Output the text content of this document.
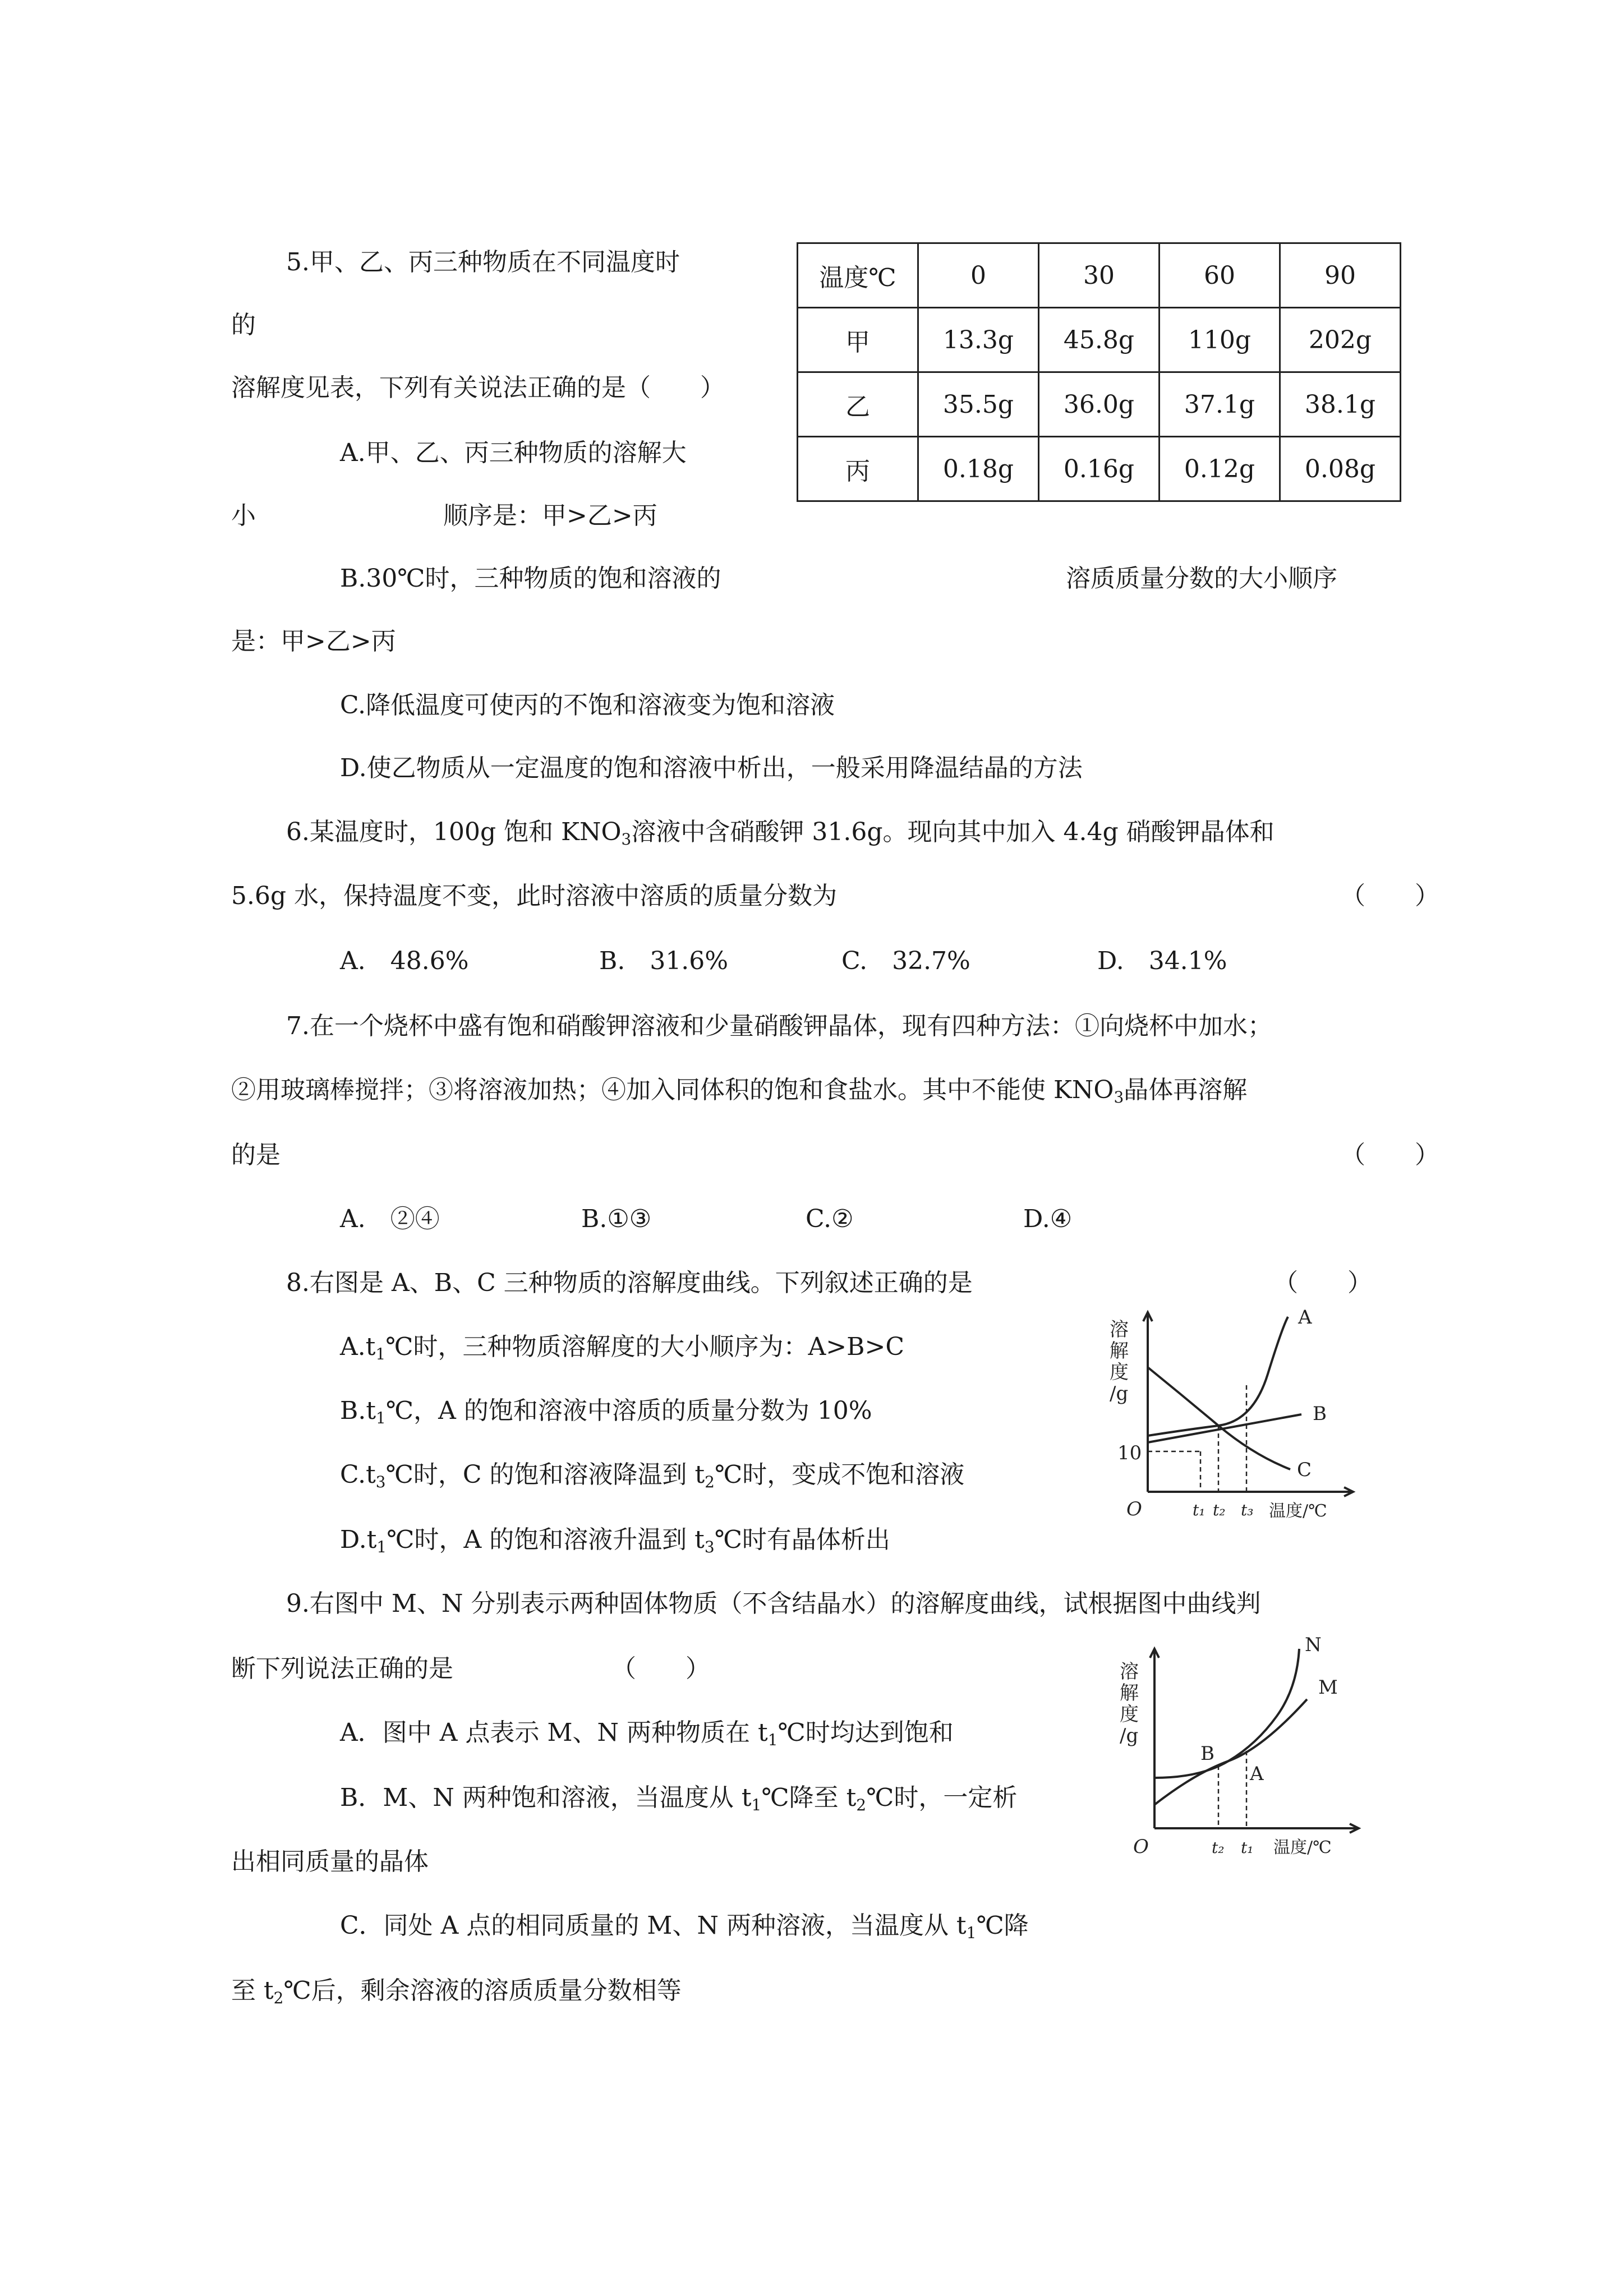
5.甲、乙、丙三种物质在不同温度时
的
溶解度见表，下列有关说法正确的是（　　）
A.甲、乙、丙三种物质的溶解大
小	顺序是：甲>乙>丙
B.30℃时，三种物质的饱和溶液的	溶质质量分数的大小顺序
是：甲>乙>丙
C.降低温度可使丙的不饱和溶液变为饱和溶液
D.使乙物质从一定温度的饱和溶液中析出，一般采用降温结晶的方法
温度℃	0	30	60	90
甲	13.3g	45.8g	110g	202g
乙	35.5g	36.0g	37.1g	38.1g
丙	0.18g	0.16g	0.12g	0.08g
6.某温度时，100g 饱和 $KNO_3$溶液中含硝酸钾 31.6g。现向其中加入 4.4g 硝酸钾晶体和
5.6g 水，保持温度不变，此时溶液中溶质的质量分数为	（　　）
A.　48.6%	B.　31.6%	C.　32.7%	D.　34.1%
7.在一个烧杯中盛有饱和硝酸钾溶液和少量硝酸钾晶体，现有四种方法：①向烧杯中加水；
②用玻璃棒搅拌；③将溶液加热；④加入同体积的饱和食盐水。其中不能使 $KNO_3$晶体再溶解
的是	（　　）
A.　②④	B.①③	C.②	D.④
8.右图是 A、B、C 三种物质的溶解度曲线。下列叙述正确的是	（　　）
$A.t_1℃$时，三种物质溶解度的大小顺序为：A>B>C
$B.t_1℃$，A 的饱和溶液中溶质的质量分数为 10%
$C.t_3℃$时，C 的饱和溶液降温到 $t_2℃$时，变成不饱和溶液
$D.t_1℃$时，A 的饱和溶液升温到 $t_3℃$时有晶体析出
溶
解
度
/g
10
O	t₁ t₂ t₃ 温度/℃
A
B
C
9.右图中 M、N 分别表示两种固体物质（不含结晶水）的溶解度曲线，试根据图中曲线判
断下列说法正确的是	（　　）
A．图中 A 点表示 M、N 两种物质在 $t_1℃$时均达到饱和
B．M、N 两种饱和溶液，当温度从 $t_1℃$降至 $t_2℃$时，一定析
出相同质量的晶体
C．同处 A 点的相同质量的 M、N 两种溶液，当温度从 $t_1℃$降
至 $t_2℃$后，剩余溶液的溶质质量分数相等
溶
解
度
/g
O	t₂ t₁ 温度/℃
N
M
B
A
